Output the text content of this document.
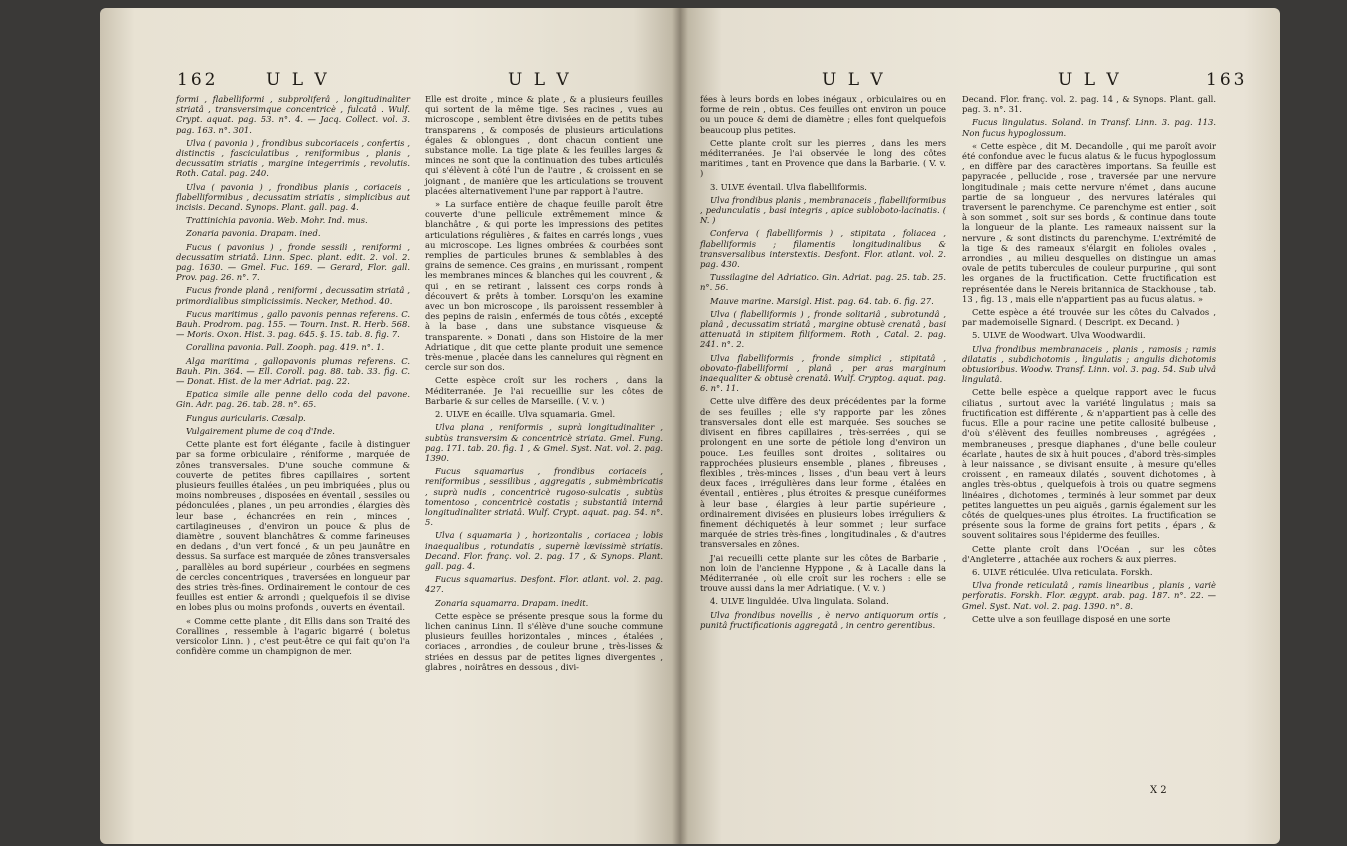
162	U L V	U L V

formi , flabelliformi , subproliferâ , longitudinaliter striatâ , transversimque concentricè , fulcatâ . Wulf. Crypt. aquat. pag. 53. n°. 4. — Jacq. Collect. vol. 3. pag. 163. n°. 301.

Ulva ( pavonia ) , frondibus subcoriaceis , confertis , distinctis , fasciculatibus , reniformibus , planis , decussatim striatis , margine integerrimis , revolutis. Roth. Catal. pag. 240.

Ulva ( pavonia ) , frondibus planis , coriaceis , flabelliformibus , decussatim striatis , simplicibus aut incisis. Decand. Synops. Plant. gall. pag. 4.

Trattinichia pavonia. Web. Mohr. Ind. mus.

Zonaria pavonia. Drapam. ined.

Fucus ( pavonius ) , fronde sessili , reniformi , decussatim striatâ. Linn. Spec. plant. edit. 2. vol. 2. pag. 1630. — Gmel. Fuc. 169. — Gerard, Flor. gall. Prov. pag. 26. n°. 7.

Fucus fronde planâ , reniformi , decussatim striatâ , primordialibus simplicissimis. Necker, Method. 40.

Fucus maritimus , gallo pavonis pennas referens. C. Bauh. Prodrom. pag. 155. — Tourn. Inst. R. Herb. 568. — Moris. Oxon. Hist. 3. pag. 645. §. 15. tab. 8. fig. 7.

Corallina pavonia. Pall. Zooph. pag. 419. n°. 1.

Alga maritima , gallopavonis plumas referens. C. Bauh. Pin. 364. — Ell. Coroll. pag. 88. tab. 33. fig. C. — Donat. Hist. de la mer Adriat. pag. 22.

Epatica simile alle penne dello coda del pavone. Gin. Adr. pag. 26. tab. 28. n°. 65.

Fungus auricularis. Cæsalp.

Vulgairement plume de coq d'Inde.

Cette plante est fort élégante , facile à distinguer par sa forme orbiculaire , réniforme , marquée de zônes transversales. D'une souche commune & couverte de petites fibres capillaires , sortent plusieurs feuilles étalées , un peu imbriquées , plus ou moins nombreuses , disposées en éventail , sessiles ou pédonculées , planes , un peu arrondies , élargies dès leur base , échancrées en rein , minces , cartilagineuses , d'environ un pouce & plus de diamètre , souvent blanchâtres & comme farineuses en dedans , d'un vert foncé , & un peu jaunâtre en dessus. Sa surface est marquée de zônes transversales , parallèles au bord supérieur , courbées en segmens de cercles concentriques , traversées en longueur par des stries très-fines. Ordinairement le contour de ces feuilles est entier & arrondi ; quelquefois il se divise en lobes plus ou moins profonds , ouverts en éventail.

« Comme cette plante , dit Ellis dans son Traité des Corallines , ressemble à l'agaric bigarré ( boletus versicolor Linn. ) , c'est peut-être ce qui fait qu'on l'a confidère comme un champignon de mer.

Elle est droite , mince & plate , & a plusieurs feuilles qui sortent de la même tige. Ses racines , vues au microscope , semblent être divisées en de petits tubes transparens , & composés de plusieurs articulations égales & oblongues , dont chacun contient une substance molle. La tige plate & les feuilles larges & minces ne sont que la continuation des tubes articulés qui s'élèvent à côté l'un de l'autre , & croissent en se joignant , de manière que les articulations se trouvent placées alternativement l'une par rapport à l'autre.

» La surface entière de chaque feuille paroît être couverte d'une pellicule extrêmement mince & blanchâtre , & qui porte les impressions des petites articulations régulières , & faites en carrés longs , vues au microscope. Les lignes ombrées & courbées sont remplies de particules brunes & semblables à des grains de semence. Ces grains , en murissant , rompent les membranes minces & blanches qui les couvrent , & qui , en se retirant , laissent ces corps ronds à découvert & prêts à tomber. Lorsqu'on les examine avec un bon microscope , ils paroissent ressembler à des pepins de raisin , enfermés de tous côtés , excepté à la base , dans une substance visqueuse & transparente. » Donati , dans son Histoire de la mer Adriatique , dit que cette plante produit une semence très-menue , placée dans les cannelures qui règnent en cercle sur son dos.

Cette espèce croît sur les rochers , dans la Méditerranée. Je l'ai recueillie sur les côtes de Barbarie & sur celles de Marseille. ( V. v. )

2. ULVE en écaille. Ulva squamaria. Gmel.

Ulva plana , reniformis , suprà longitudinaliter , subtùs transversim & concentricè striata. Gmel. Fung. pag. 171. tab. 20. fig. 1 , & Gmel. Syst. Nat. vol. 2. pag. 1390.

Fucus squamarius , frondibus coriaceis , reniformibus , sessilibus , aggregatis , submèmbricatis , suprà nudis , concentricè rugoso-sulcatis , subtùs tomentoso , concentricè costatis ; substantiâ internâ longitudinaliter striatâ. Wulf. Crypt. aquat. pag. 54. n°. 5.

Ulva ( squamaria ) , horizontalis , coriacea ; lobis inaequalibus , rotundatis , supernè lævissimè striatis. Decand. Flor. franç. vol. 2. pag. 17 , & Synops. Plant. gall. pag. 4.

Fucus squamarius. Desfont. Flor. atlant. vol. 2. pag. 427.

Zonaria squamarra. Drapam. inedit.

Cette espèce se présente presque sous la forme du lichen caninus Linn. Il s'élève d'une souche commune plusieurs feuilles horizontales , minces , étalées , coriaces , arrondies , de couleur brune , très-lisses & striées en dessus par de petites lignes divergentes , glabres , noirâtres en dessous , divi-

U L V	U L V	163

fées à leurs bords en lobes inégaux , orbiculaires ou en forme de rein , obtus. Ces feuilles ont environ un pouce ou un pouce & demi de diamètre ; elles font quelquefois beaucoup plus petites.

Cette plante croît sur les pierres , dans les mers méditerranées. Je l'ai observée le long des côtes maritimes , tant en Provence que dans la Barbarie. ( V. v. )

3. ULVE éventail. Ulva flabelliformis.

Ulva frondibus planis , membranaceis , flabelliformibus , pedunculatis , basi integris , apice subloboto-lacinatis. ( N. )

Conferva ( flabelliformis ) , stipitata , foliacea , flabelliformis ; filamentis longitudinalibus & transversalibus interstextis. Desfont. Flor. atlant. vol. 2. pag. 430.

Tussilagine del Adriatico. Gin. Adriat. pag. 25. tab. 25. n°. 56.

Mauve marine. Marsigl. Hist. pag. 64. tab. 6. fig. 27.

Ulva ( flabelliformis ) , fronde solitariâ , subrotundâ , planâ , decussatim striatâ , margine obtusè crenatâ , basi attenuatâ in stipitem filiformem. Roth , Catal. 2. pag. 241. n°. 2.

Ulva flabelliformis , fronde simplici , stipitatâ , obovato-flabelliformi , planâ , per aras marginum inaequaliter & obtusè crenatâ. Wulf. Cryptog. aquat. pag. 6. n°. 11.

Cette ulve diffère des deux précédentes par la forme de ses feuilles ; elle s'y rapporte par les zônes transversales dont elle est marquée. Ses souches se divisent en fibres capillaires , très-serrées , qui se prolongent en une sorte de pétiole long d'environ un pouce. Les feuilles sont droites , solitaires ou rapprochées plusieurs ensemble , planes , fibreuses , flexibles , très-minces , lisses , d'un beau vert à leurs deux faces , irrégulières dans leur forme , étalées en éventail , entières , plus étroites & presque cunéiformes à leur base , élargies à leur partie supérieure , ordinairement divisées en plusieurs lobes irréguliers & finement déchiquetés à leur sommet ; leur surface marquée de stries très-fines , longitudinales , & d'autres transversales en zônes.

J'ai recueilli cette plante sur les côtes de Barbarie , non loin de l'ancienne Hyppone , & à Lacalle dans la Méditerranée , où elle croît sur les rochers : elle se trouve aussi dans la mer Adriatique. ( V. v. )

4. ULVE linguldée. Ulva lingulata. Soland.

Ulva frondibus novellis , è nervo antiquorum ortis , punitâ fructificationis aggregatâ , in centro gerentibus.

Decand. Flor. franç. vol. 2. pag. 14 , & Synops. Plant. gall. pag. 3. n°. 31.

Fucus lingulatus. Soland. in Transf. Linn. 3. pag. 113. Non fucus hypoglossum.

« Cette espèce , dit M. Decandolle , qui me paroît avoir été confondue avec le fucus alatus & le fucus hypoglossum , en diffère par des caractères importans. Sa feuille est papyracée , pellucide , rose , traversée par une nervure longitudinale ; mais cette nervure n'émet , dans aucune partie de sa longueur , des nervures latérales qui traversent le parenchyme. Ce parenchyme est entier , soit à son sommet , soit sur ses bords , & continue dans toute la longueur de la plante. Les rameaux naissent sur la nervure , & sont distincts du parenchyme. L'extrémité de la tige & des rameaux s'élargit en folioles ovales , arrondies , au milieu desquelles on distingue un amas ovale de petits tubercules de couleur purpurine , qui sont les organes de la fructification. Cette fructification est représentée dans le Nereis britannica de Stackhouse , tab. 13 , fig. 13 , mais elle n'appartient pas au fucus alatus. »

Cette espèce a été trouvée sur les côtes du Calvados , par mademoiselle Signard. ( Descript. ex Decand. )

5. ULVE de Woodwart. Ulva Woodwardii.

Ulva frondibus membranaceis , planis , ramosis ; ramis dilatatis , subdichotomis , lingulatis ; angulis dichotomis obtusioribus. Woodw. Transf. Linn. vol. 3. pag. 54. Sub ulvâ lingulatâ.

Cette belle espèce a quelque rapport avec le fucus ciliatus , surtout avec la variété lingulatus ; mais sa fructification est différente , & n'appartient pas à celle des fucus. Elle a pour racine une petite callosité bulbeuse , d'où s'élèvent des feuilles nombreuses , agrégées , membraneuses , presque diaphanes , d'une belle couleur écarlate , hautes de six à huit pouces , d'abord très-simples à leur naissance , se divisant ensuite , à mesure qu'elles croissent , en rameaux dilatés , souvent dichotomes , à angles très-obtus , quelquefois à trois ou quatre segmens linéaires , dichotomes , terminés à leur sommet par deux petites languettes un peu aiguës , garnis également sur les côtés de quelques-unes plus étroites. La fructification se présente sous la forme de grains fort petits , épars , & souvent solitaires sous l'épiderme des feuilles.

Cette plante croît dans l'Océan , sur les côtes d'Angleterre , attachée aux rochers & aux pierres.

6. ULVE réticulée. Ulva reticulata. Forskh.

Ulva fronde reticulatâ , ramis linearibus , planis , variè perforatis. Forskh. Flor. ægypt. arab. pag. 187. n°. 22. — Gmel. Syst. Nat. vol. 2. pag. 1390. n°. 8.

Cette ulve a son feuillage disposé en une sorte

X 2
